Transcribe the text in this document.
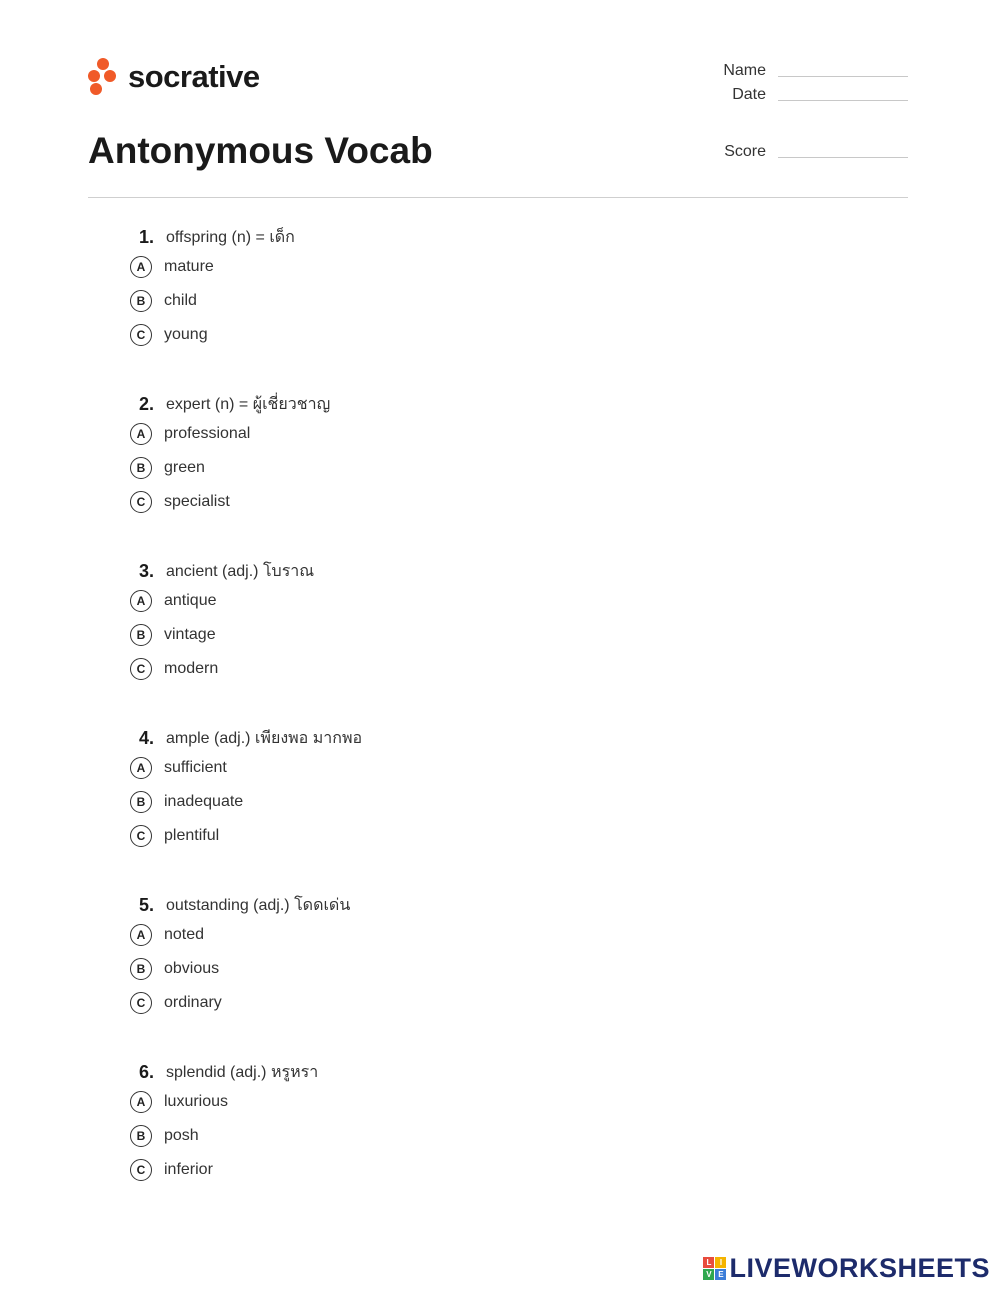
socrative	Name
Date
Score
Antonymous Vocab
1. offspring (n) = เด็ก
A	mature
B	child
C	young
2. expert (n) = ผู้เชี่ยวชาญ
A	professional
B	green
C	specialist
3. ancient (adj.) โบราณ
A	antique
B	vintage
C	modern
4. ample (adj.) เพียงพอ มากพอ
A	sufficient
B	inadequate
C	plentiful
5. outstanding (adj.) โดดเด่น
A	noted
B	obvious
C	ordinary
6. splendid (adj.) หรูหรา
A	luxurious
B	posh
C	inferior
L	I
V E LIVEWORKSHEETS
